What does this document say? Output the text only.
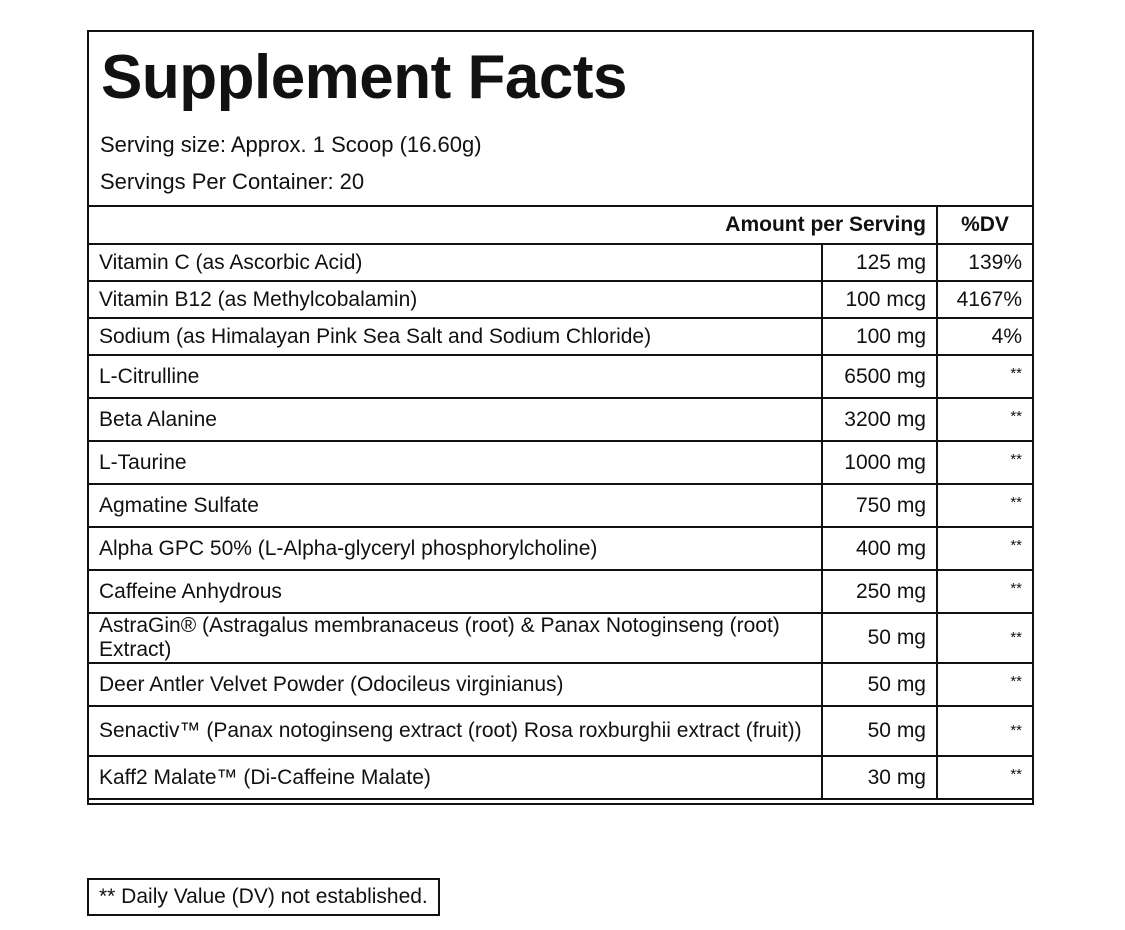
Supplement Facts
Serving size: Approx. 1 Scoop (16.60g)
Servings Per Container: 20
Amount per Serving		%DV
Vitamin C (as Ascorbic Acid)	125 mg	139%
Vitamin B12 (as Methylcobalamin)	100 mcg	4167%
Sodium (as Himalayan Pink Sea Salt and Sodium Chloride)	100 mg	4%
L-Citrulline	6500 mg	**
Beta Alanine	3200 mg	**
L-Taurine	1000 mg	**
Agmatine Sulfate	750 mg	**
Alpha GPC 50% (L-Alpha-glyceryl phosphorylcholine)	400 mg	**
Caffeine Anhydrous	250 mg	**
AstraGin® (Astragalus membranaceus (root) & Panax Notoginseng (root) Extract)	50 mg	**
Deer Antler Velvet Powder (Odocileus virginianus)	50 mg	**
Senactiv™ (Panax notoginseng extract (root) Rosa roxburghii extract (fruit))	50 mg	**
Kaff2 Malate™ (Di-Caffeine Malate)	30 mg	**
** Daily Value (DV) not established.
